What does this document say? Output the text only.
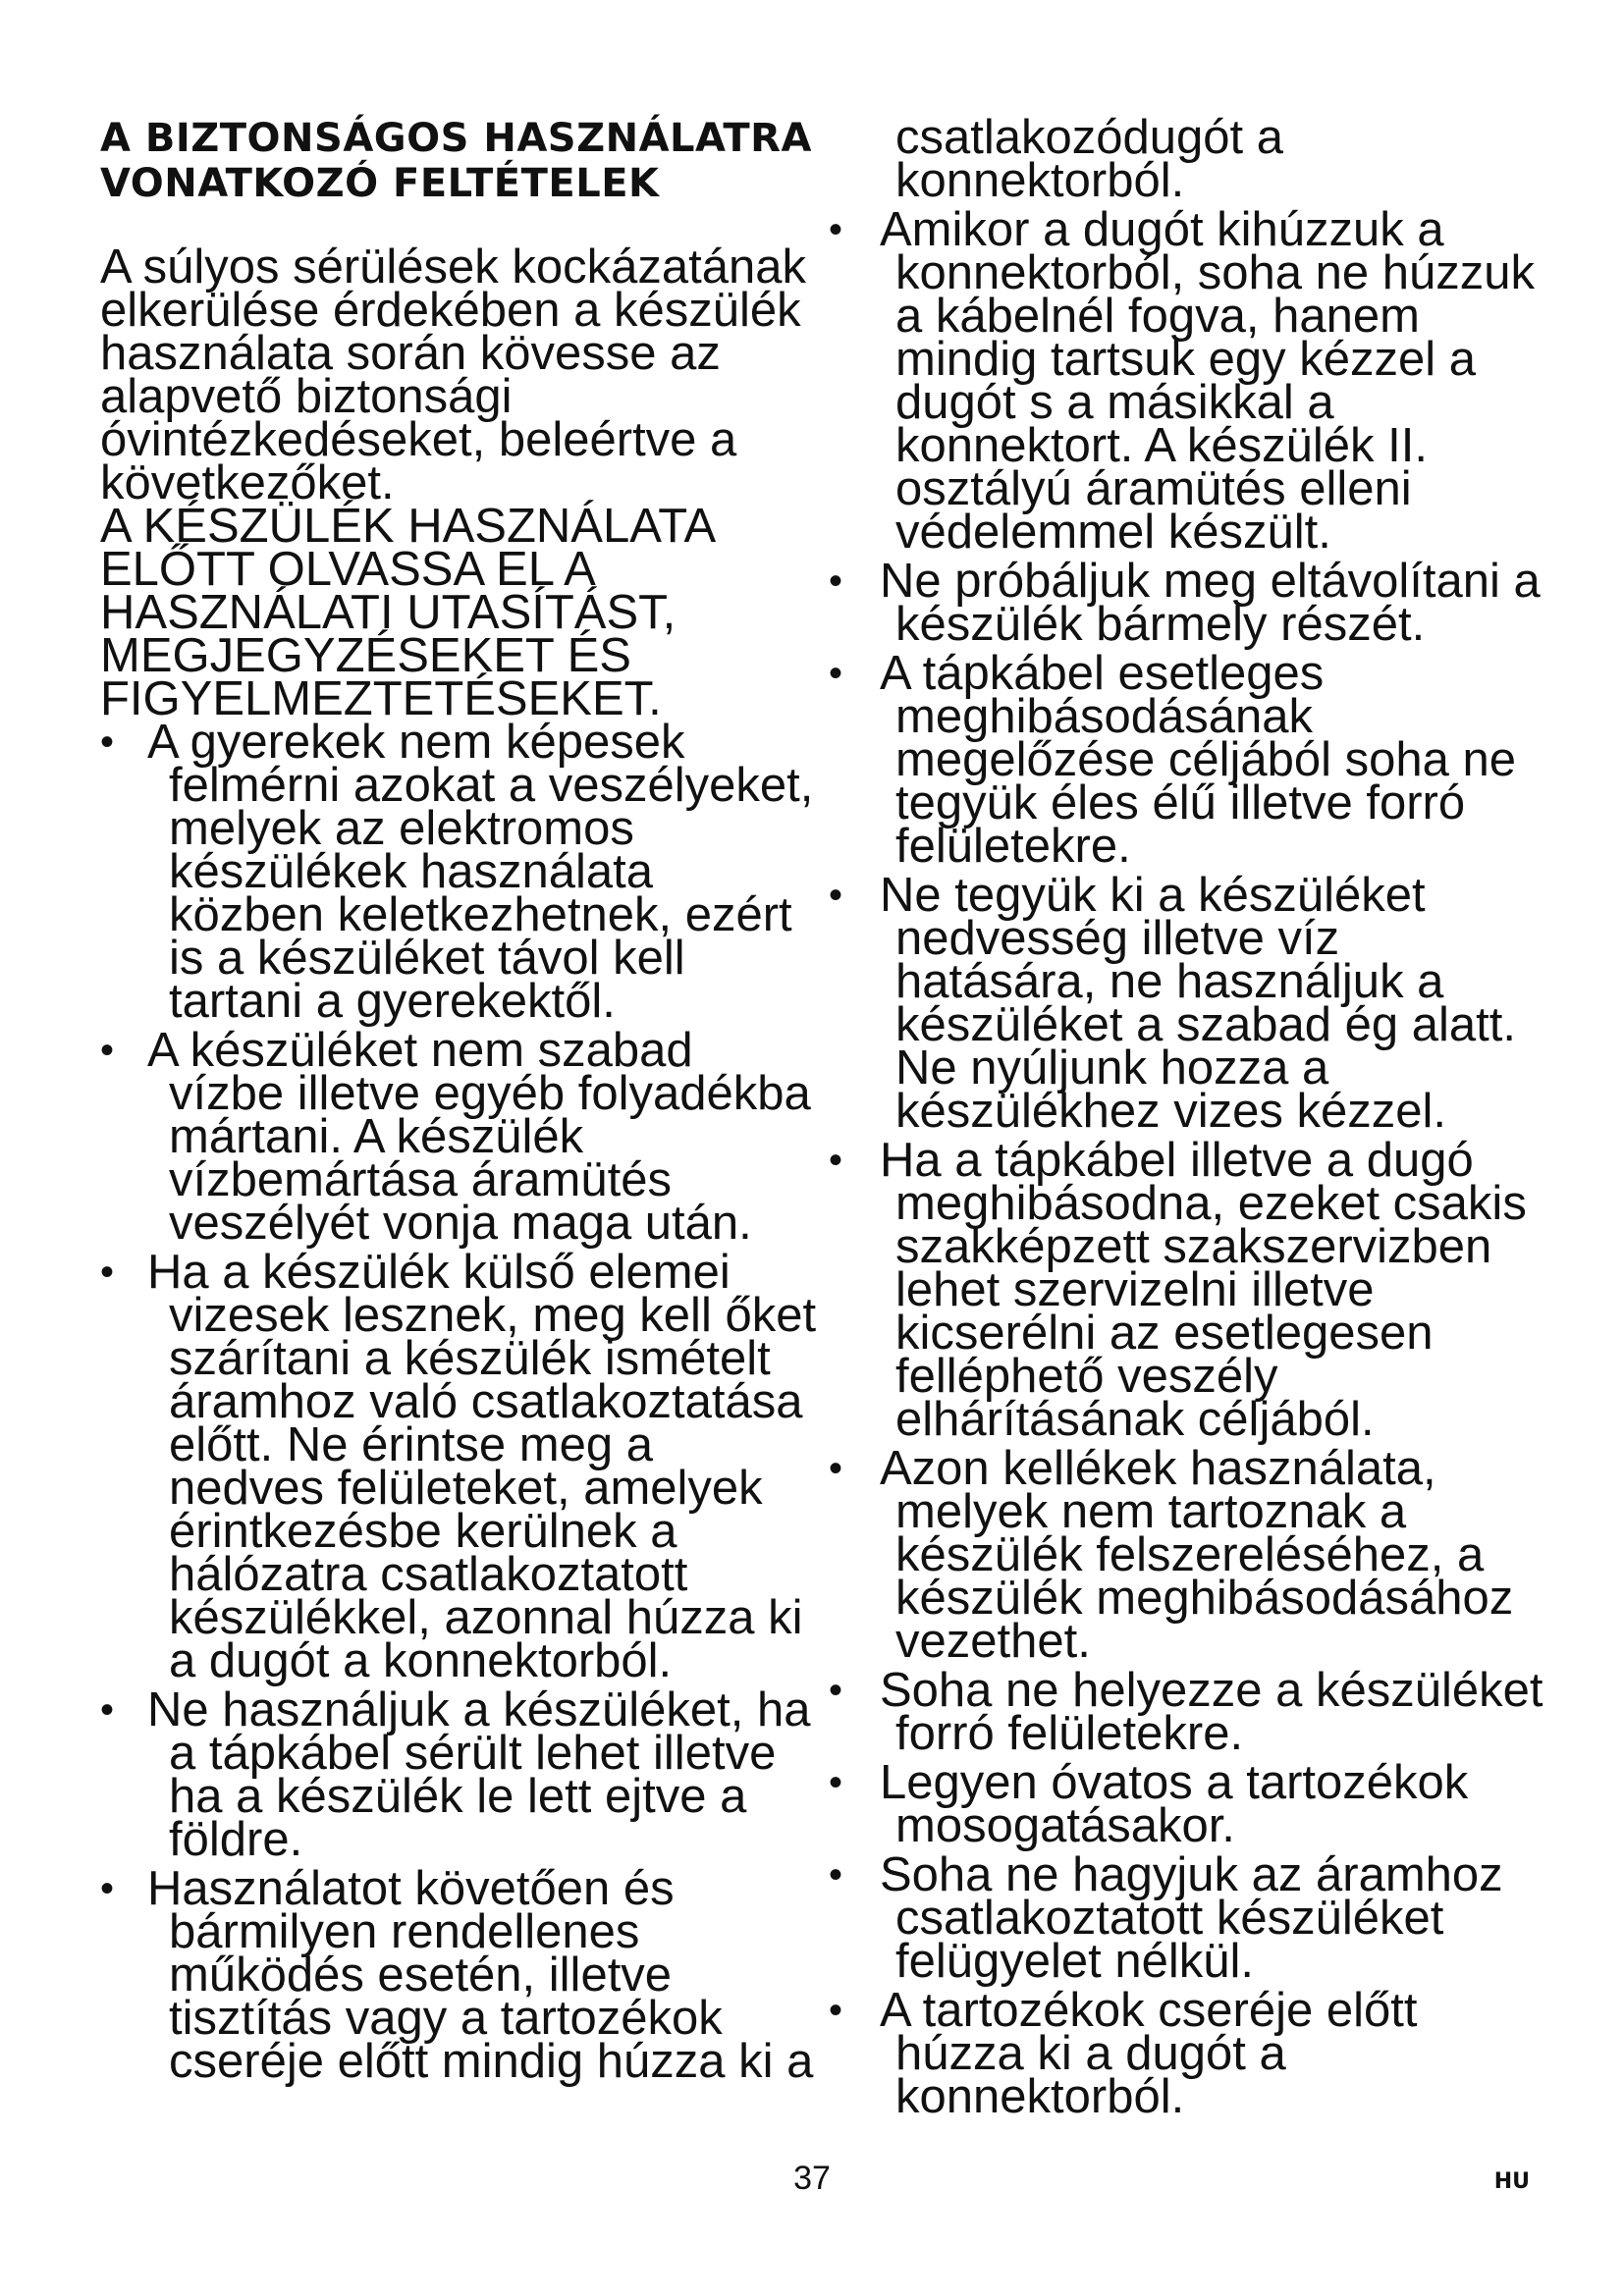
A BIZTONSÁGOS HASZNÁLATRA VONATKOZÓ FELTÉTELEK

A súlyos sérülések kockázatának elkerülése érdekében a készülék használata során kövesse az alapvető biztonsági óvintézkedéseket, beleértve a következőket.

A KÉSZÜLÉK HASZNÁLATA ELŐTT OLVASSA EL A HASZNÁLATI UTASÍTÁST, MEGJEGYZÉSEKET ÉS FIGYELMEZTETÉSEKET.

• A gyerekek nem képesek felmérni azokat a veszélyeket, melyek az elektromos készülékek használata közben keletkezhetnek, ezért is a készüléket távol kell tartani a gyerekektől.
• A készüléket nem szabad vízbe illetve egyéb folyadékba mártani. A készülék vízbemártása áramütés veszélyét vonja maga után.
• Ha a készülék külső elemei vizesek lesznek, meg kell őket szárítani a készülék ismételt áramhoz való csatlakoztatása előtt. Ne érintse meg a nedves felületeket, amelyek érintkezésbe kerülnek a hálózatra csatlakoztatott készülékkel, azonnal húzza ki a dugót a konnektorból.
• Ne használjuk a készüléket, ha a tápkábel sérült lehet illetve ha a készülék le lett ejtve a földre.
• Használatot követően és bármilyen rendellenes működés esetén, illetve tisztítás vagy a tartozékok cseréje előtt mindig húzza ki a

csatlakozódugót a konnektorból.

• Amikor a dugót kihúzzuk a konnektorból, soha ne húzzuk a kábelnél fogva, hanem mindig tartsuk egy kézzel a dugót s a másikkal a konnektort. A készülék II. osztályú áramütés elleni védelemmel készült.
• Ne próbáljuk meg eltávolítani a készülék bármely részét.
• A tápkábel esetleges meghibásodásának megelőzése céljából soha ne tegyük éles élű illetve forró felületekre.
• Ne tegyük ki a készüléket nedvesség illetve víz hatására, ne használjuk a készüléket a szabad ég alatt. Ne nyúljunk hozza a készülékhez vizes kézzel.
• Ha a tápkábel illetve a dugó meghibásodna, ezeket csakis szakképzett szakszervizben lehet szervizelni illetve kicserélni az esetlegesen felléphető veszély elhárításának céljából.
• Azon kellékek használata, melyek nem tartoznak a készülék felszereléséhez, a készülék meghibásodásához vezethet.
• Soha ne helyezze a készüléket forró felületekre.
• Legyen óvatos a tartozékok mosogatásakor.
• Soha ne hagyjuk az áramhoz csatlakoztatott készüléket felügyelet nélkül.
• A tartozékok cseréje előtt húzza ki a dugót a konnektorból.
37	HU
